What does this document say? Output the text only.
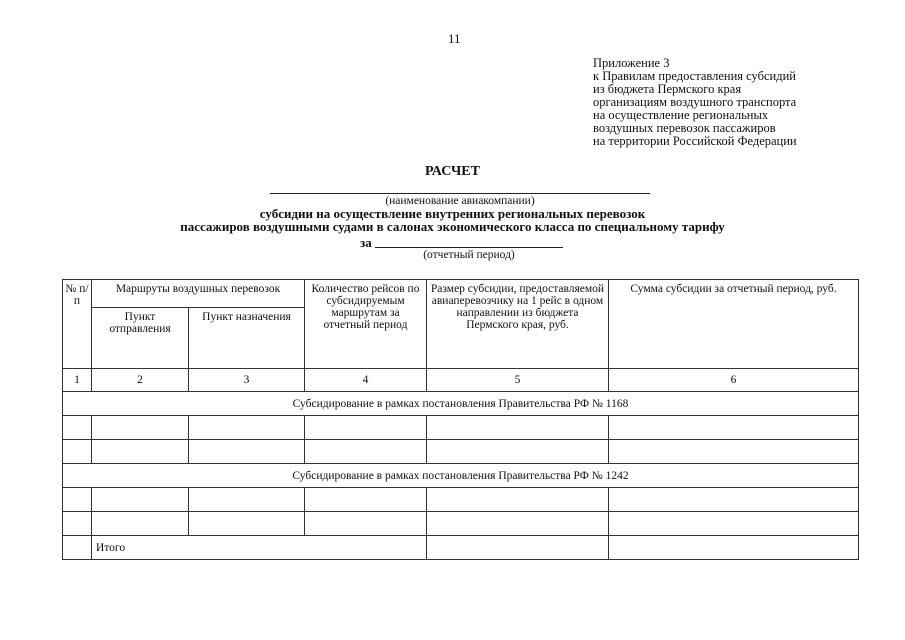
11
Приложение 3
к Правилам предоставления субсидий
из бюджета Пермского края
организациям воздушного транспорта
на осуществление региональных
воздушных перевозок пассажиров
на территории Российской Федерации
РАСЧЕТ
(наименование авиакомпании)
субсидии на осуществление внутренних региональных перевозок
пассажиров воздушными судами в салонах экономического класса по специальному тарифу
за
(отчетный период)
№ п/п	Маршруты воздушных перевозок		Количество рейсов по субсидируемым маршрутам за отчетный период	Размер субсидии, предоставляемой авиаперевозчику на 1 рейс в одном направлении из бюджета Пермского края, руб.	Сумма субсидии за отчетный период, руб.
	Пункт отправления	Пункт назначения			
1	2	3	4	5	6
Субсидирование в рамках постановления Правительства РФ № 1168					

Субсидирование в рамках постановления Правительства РФ № 1242					

	Итого				
